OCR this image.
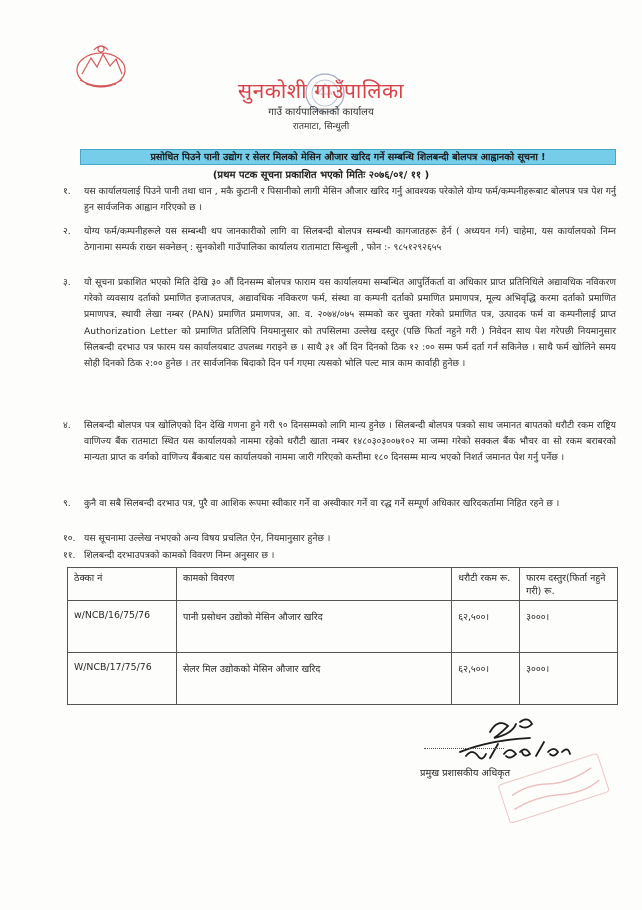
सुनकोशी गाउँपालिका
गाउँ कार्यपालिकाको कार्यालय
रातमाटा, सिन्धुली
प्रसोधित पिउने पानी उद्योग र सेलर मिलको मेसिन औजार खरिद गर्ने सम्बन्धि शिलबन्दी बोलपत्र आह्वानको सूचना !
(प्रथम पटक सूचना प्रकाशित भएको मितिः २०७६/०१/ ११ )
१.	यस कार्यालयलाई पिउने पानी तथा धान , मकै कुटानी र पिसानीको लागी मेसिन औजार खरिद गर्नु आवश्यक परेकोले योग्य फर्म/कम्पनीहरूबाट बोलपत्र पत्र पेश गर्नु हुन सार्वजनिक आह्वान गरिएको छ ।
२.	योग्य फर्म/कम्पनीहरूले यस सम्बन्धी थप जानकारीको लागि वा सिलबन्दी बोलपत्र सम्बन्धी कागजातहरू हेर्न ( अध्ययन गर्न) चाहेमा, यस कार्यालयको निम्न ठेगानामा सम्पर्क राख्न सक्नेछन् : सुनकोशी गाउँपालिका कार्यालय रातामाटा सिन्धुली , फोन :- ९८५१२९२६५५
३.	यो सूचना प्रकाशित भएको मिति देखि ३० औं दिनसम्म बोलपत्र फाराम यस कार्यालयमा सम्बन्धित आपुर्तिकर्ता वा अधिकार प्राप्त प्रतिनिधिले अद्यावधिक नविकरण गरेको व्यवसाय दर्ताको प्रमाणित इजाजतपत्र, अद्यावधिक नविकरण फर्म, संस्था वा कम्पनी दर्ताको प्रमाणित प्रमाणपत्र, मूल्य अभिवृद्धि करमा दर्ताको प्रमाणित प्रमाणपत्र, स्थायी लेखा नम्बर (PAN) प्रमाणित प्रमाणपत्र, आ. व. २०७४/०७५ सम्मको कर चुक्ता गरेको प्रमाणित पत्र, उत्पादक फर्म वा कम्पनीलाई प्राप्त Authorization Letter को प्रमाणित प्रतिलिपि नियमानुसार को तपसिलमा उल्लेख दस्तुर (पछि फिर्ता नहुने गरी ) निवेदन साथ पेश गरेपछी नियमानुसार सिलबन्दी दरभाउ पत्र फारम यस कार्यालयबाट उपलब्ध गराइने छ । साथै ३१ औं दिन दिनको ठिक १२ :०० सम्म फर्म दर्ता गर्न सकिनेछ । साथै फर्म खोलिने समय सोही दिनको ठिक २:०० हुनेछ । तर सार्वजनिक बिदाको दिन पर्न गएमा त्यसको भोलि पल्ट मात्र काम कार्वाही हुनेछ ।
४.	सिलबन्दी बोलपत्र पत्र खोलिएको दिन देखि गणना हुने गरी ९० दिनसम्मको लागि मान्य हुनेछ । सिलबन्दी बोलपत्र पत्रको साथ जमानत बापतको धरौटी रकम राष्ट्रिय वाणिज्य बैंक रातमाटा स्थित यस कार्यालयको नाममा रहेको धरौटी खाता नम्बर १४८०३०३००७१०२ मा जम्मा गरेको सक्कल बैंक भौचर वा सो रकम बराबरको मान्यता प्राप्त क वर्गको वाणिज्य बैंकबाट यस कार्यालयको नाममा जारी गरिएको कम्तीमा १८० दिनसम्म मान्य भएको निशर्त जमानत पेश गर्नु पर्नेछ ।
९.	कुनै वा सबै सिलबन्दी दरभाउ पत्र, पुरै वा आशिक रूपमा स्वीकार गर्ने वा अस्वीकार गर्ने वा रद्ध गर्ने सम्पूर्ण अधिकार खरिदकर्तामा निहित रहने छ ।
१०. यस सूचनामा उल्लेख नभएको अन्य विषय प्रचलित ऐन, नियमानुसार हुनेछ ।
११. शिलबन्दी दरभाउपत्रको कामको विवरण निम्न अनुसार छ ।
ठेक्का नं	कामको विवरण	धरौटी रकम रू.	फारम दस्तुर(फिर्ता नहुने गरी) रू.
w/NCB/16/75/76	पानी प्रसोधन उद्योको मेसिन औजार खरिद	६२,५००।	३०००।
W/NCB/17/75/76	सेलर मिल उद्योकको मेसिन औजार खरिद	६२,५००।	३०००।
प्रमुख प्रशासकीय अधिकृत
